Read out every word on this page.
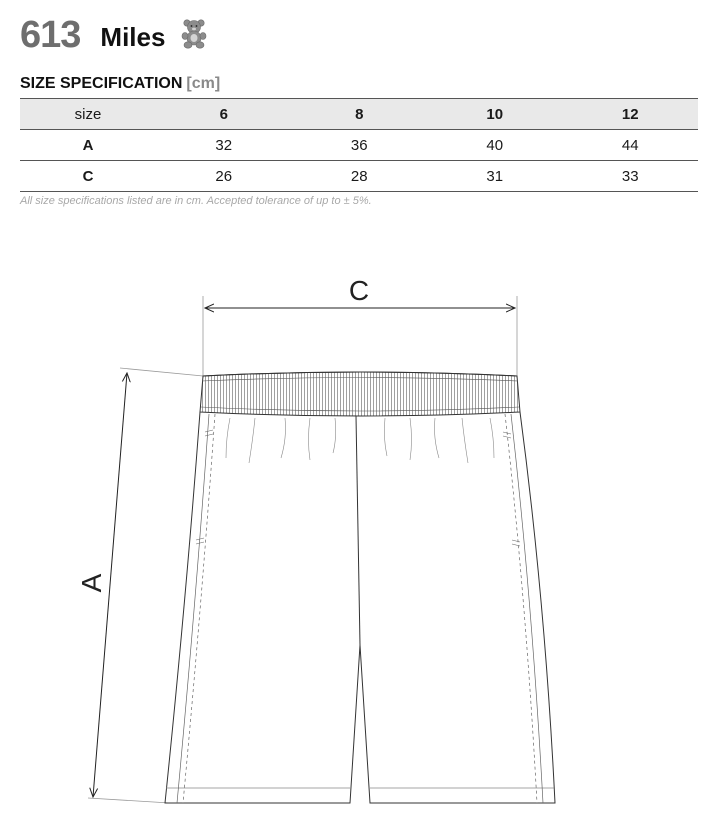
613 Miles
SIZE SPECIFICATION [cm]
size	6	8	10	12
A	32	36	40	44
C	26	28	31	33
All size specifications listed are in cm. Accepted tolerance of up to ± 5%.
C
A
